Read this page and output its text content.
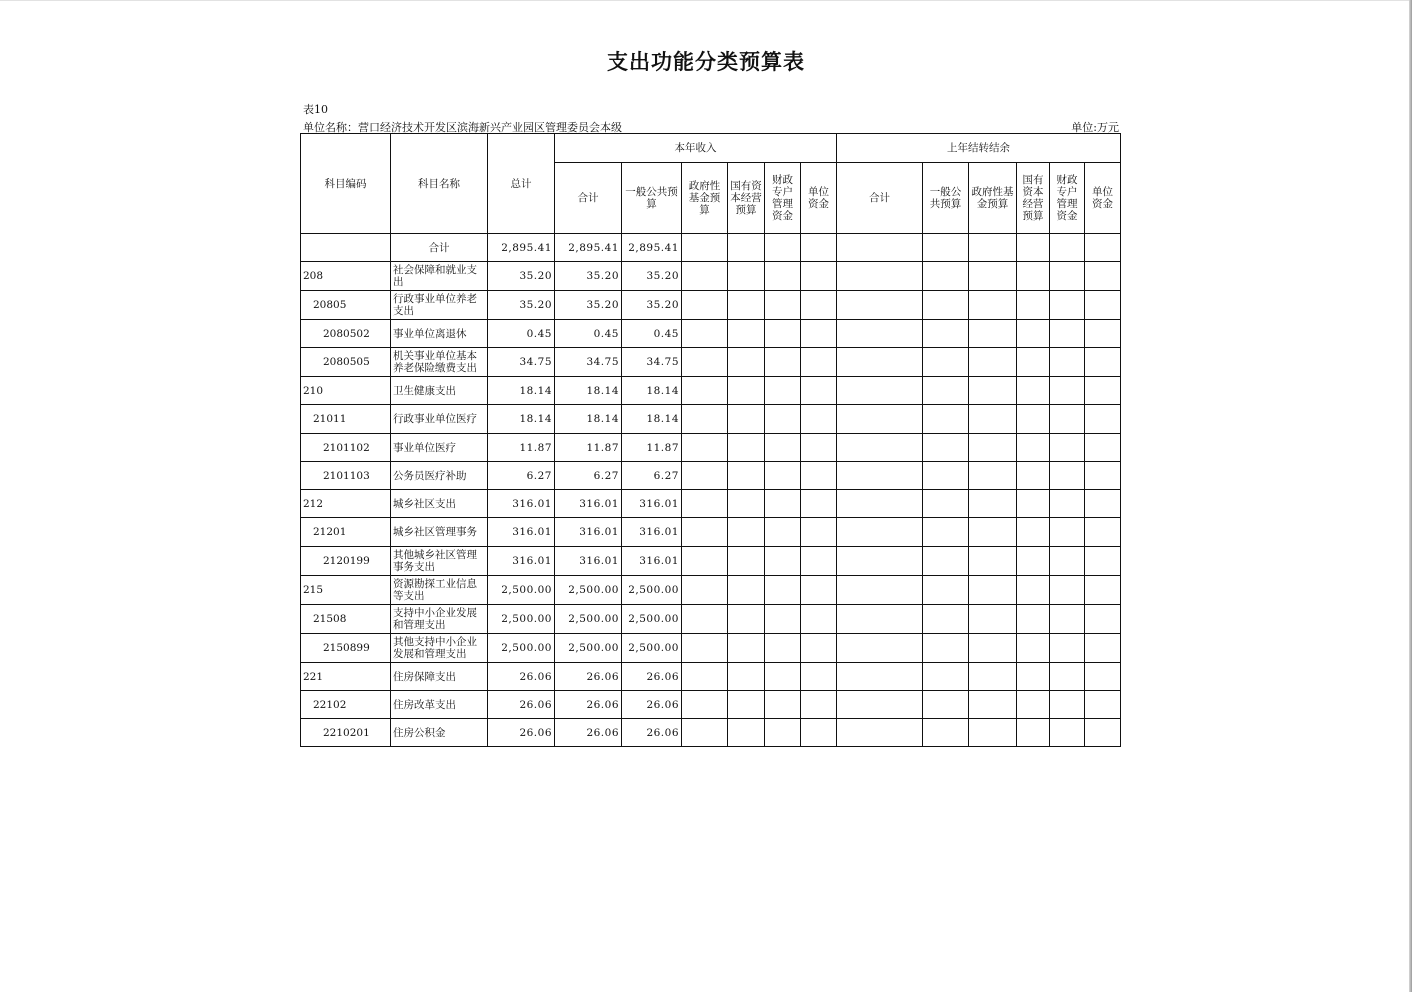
支出功能分类预算表
表10
单位名称：营口经济技术开发区滨海新兴产业园区管理委员会本级	单位:万元
科目编码	科目名称	总计	本年收入						上年结转结余					
			合计	一般公共预算	政府性基金预算	国有资本经营预算	财政专户管理资金	单位资金	合计	一般公共预算	政府性基金预算	国有资本经营预算	财政专户管理资金	单位资金
	合计	2,895.41	2,895.41	2,895.41										
208	社会保障和就业支出	35.20	35.20	35.20										
20805	行政事业单位养老支出	35.20	35.20	35.20										
2080502	事业单位离退休	0.45	0.45	0.45										
2080505	机关事业单位基本养老保险缴费支出	34.75	34.75	34.75										
210	卫生健康支出	18.14	18.14	18.14										
21011	行政事业单位医疗	18.14	18.14	18.14										
2101102	事业单位医疗	11.87	11.87	11.87										
2101103	公务员医疗补助	6.27	6.27	6.27										
212	城乡社区支出	316.01	316.01	316.01										
21201	城乡社区管理事务	316.01	316.01	316.01										
2120199	其他城乡社区管理事务支出	316.01	316.01	316.01										
215	资源勘探工业信息等支出	2,500.00	2,500.00	2,500.00										
21508	支持中小企业发展和管理支出	2,500.00	2,500.00	2,500.00										
2150899	其他支持中小企业发展和管理支出	2,500.00	2,500.00	2,500.00										
221	住房保障支出	26.06	26.06	26.06										
22102	住房改革支出	26.06	26.06	26.06										
2210201	住房公积金	26.06	26.06	26.06										
